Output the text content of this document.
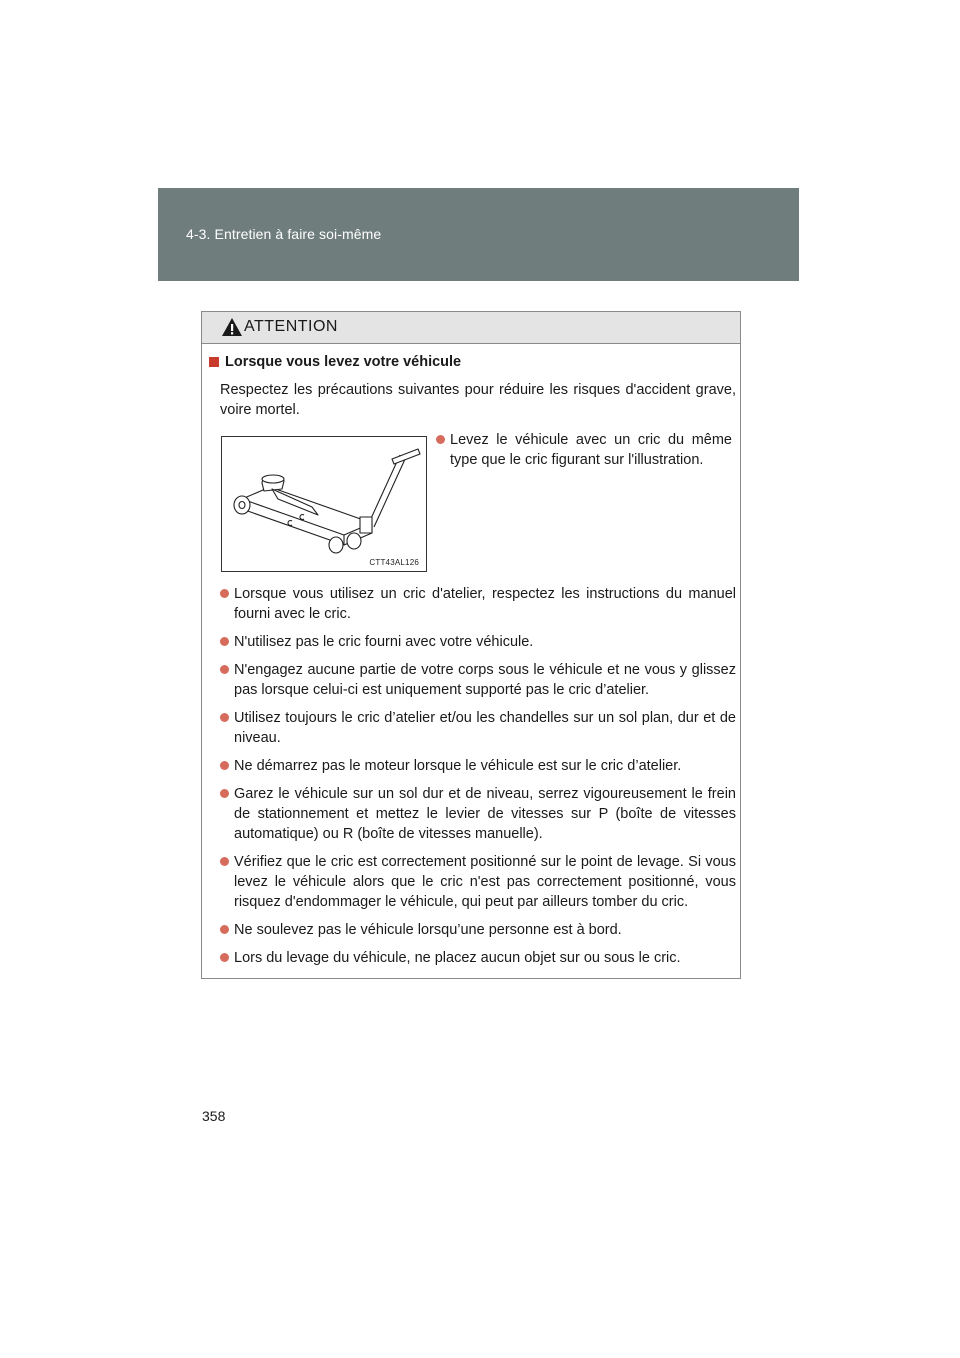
4-3. Entretien à faire soi-même
ATTENTION
Lorsque vous levez votre véhicule
Respectez les précautions suivantes pour réduire les risques d'accident grave, voire mortel.
CTT43AL126
Levez le véhicule avec un cric du même type que le cric figurant sur l'illustration.
Lorsque vous utilisez un cric d'atelier, respectez les instructions du manuel fourni avec le cric.
N'utilisez pas le cric fourni avec votre véhicule.
N'engagez aucune partie de votre corps sous le véhicule et ne vous y glissez pas lorsque celui-ci est uniquement supporté pas le cric d’atelier.
Utilisez toujours le cric d’atelier et/ou les chandelles sur un sol plan, dur et de niveau.
Ne démarrez pas le moteur lorsque le véhicule est sur le cric d’atelier.
Garez le véhicule sur un sol dur et de niveau, serrez vigoureusement le frein de stationnement et mettez le levier de vitesses sur P (boîte de vitesses automatique) ou R (boîte de vitesses manuelle).
Vérifiez que le cric est correctement positionné sur le point de levage. Si vous levez le véhicule alors que le cric n'est pas correctement positionné, vous risquez d'endommager le véhicule, qui peut par ailleurs tomber du cric.
Ne soulevez pas le véhicule lorsqu’une personne est à bord.
Lors du levage du véhicule, ne placez aucun objet sur ou sous le cric.
358
